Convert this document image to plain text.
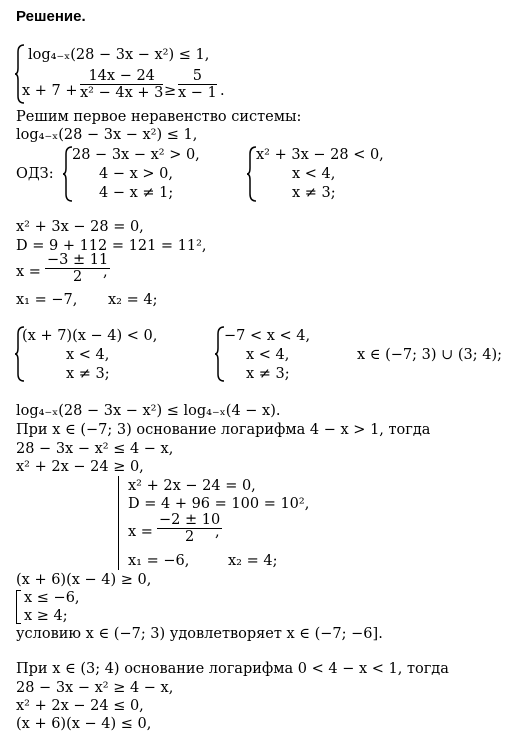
Решение.
log₄₋ₓ(28 − 3x − x²) ≤ 1,
$x + 7 + \frac{14x - 24}{\text{x² − 4x + 3}} \ge \frac{5}{x - 1}$ .
Решим первое неравенство системы:
log₄₋ₓ(28 − 3x − x²) ≤ 1,
ОДЗ:
28 − 3x − x² > 0,
4 − x > 0,
4 − x ≠ 1;
x² + 3x − 28 < 0,
x < 4,
x ≠ 3;
x² + 3x − 28 = 0,
D = 9 + 112 = 121 = 11²,
$x = \frac{-3 \pm 11}{2}$
,
x₁ = −7, x₂ = 4;
(x + 7)(x − 4) < 0,
x < 4,
x ≠ 3;
−7 < x < 4,
x < 4,
x ≠ 3;
x ∈ (−7; 3) ∪ (3; 4);
log₄₋ₓ(28 − 3x − x²) ≤ log₄₋ₓ(4 − x).
При x ∈ (−7; 3) основание логарифма 4 − x > 1, тогда
28 − 3x − x² ≤ 4 − x,
x² + 2x − 24 ≥ 0,
x² + 2x − 24 = 0,
D = 4 + 96 = 100 = 10²,
$x = \frac{-2 \pm 10}{2}$
,
x₁ = −6,	x₂ = 4;
(x + 6)(x − 4) ≥ 0,
x ≤ −6,
x ≥ 4;
условию x ∈ (−7; 3) удовлетворяет x ∈ (−7; −6].
При x ∈ (3; 4) основание логарифма 0 < 4 − x < 1, тогда
28 − 3x − x² ≥ 4 − x,
x² + 2x − 24 ≤ 0,
(x + 6)(x − 4) ≤ 0,
